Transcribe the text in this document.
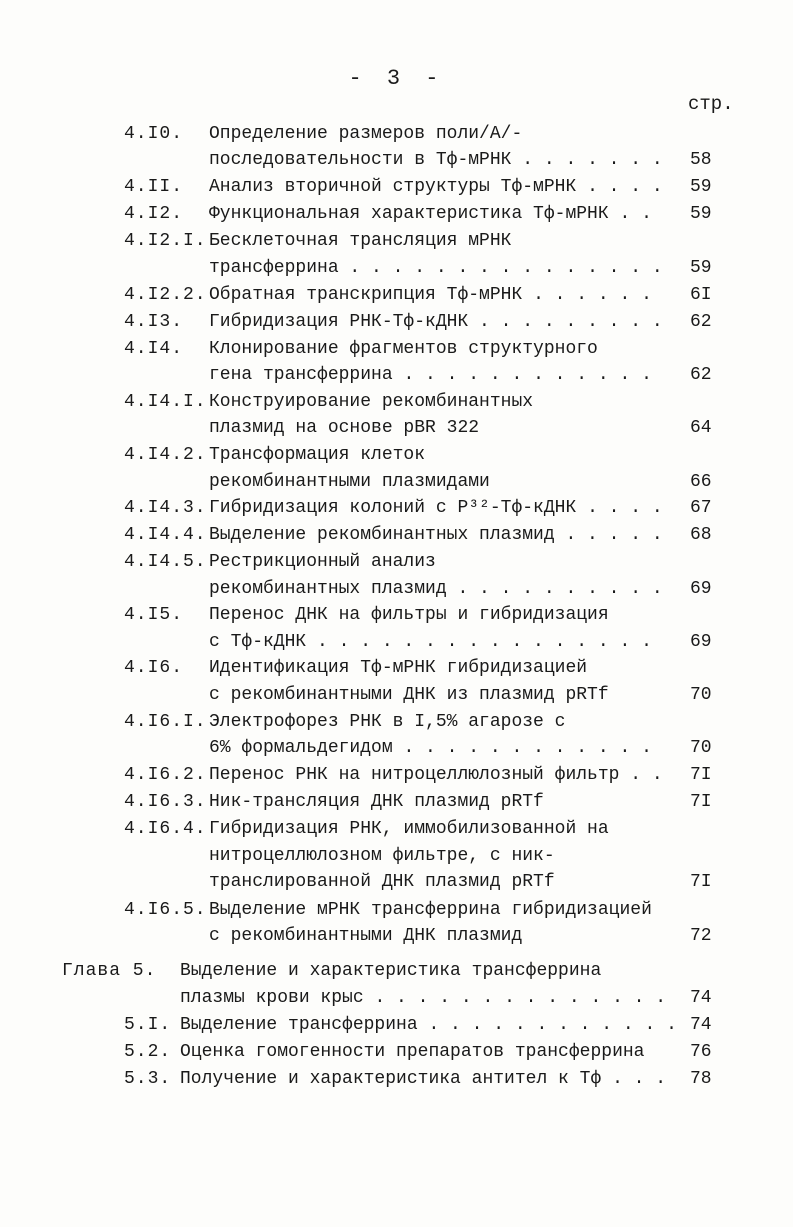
- 3 -
стр.
4.I0. Определение размеров поли/А/-
последовательности в Тф-мРНК . . .	58
4.II. Анализ вторичной структуры Тф-мРНК . . .	59
4.I2. Функциональная характеристика Тф-мРНК . . .	59
4.I2.I. Бесклеточная трансляция мРНК
трансферрина . . .	59
4.I2.2. Обратная транскрипция Тф-мРНК . . .	6I
4.I3. Гибридизация РНК-Тф-кДНК . . .	62
4.I4. Клонирование фрагментов структурного
гена трансферрина . . .	62
4.I4.I. Конструирование рекомбинантных
плазмид на основе pBR 322	64
4.I4.2. Трансформация клеток
рекомбинантными плазмидами	66
4.I4.3. Гибридизация колоний с P³²-Тф-кДНК . . .	67
4.I4.4. Выделение рекомбинантных плазмид . . .	68
4.I4.5. Рестрикционный анализ
рекомбинантных плазмид . . .	69
4.I5. Перенос ДНК на фильтры и гибридизация
с Тф-кДНК . . .	69
4.I6. Идентификация Тф-мРНК гибридизацией
с рекомбинантными ДНК из плазмид pRTf	70
4.I6.I. Электрофорез РНК в I,5% агарозе с
6% формальдегидом . . .	70
4.I6.2. Перенос РНК на нитроцеллюлозный фильтр . . .	7I
4.I6.3. Ник-трансляция ДНК плазмид pRTf	7I
4.I6.4. Гибридизация РНК, иммобилизованной на
нитроцеллюлозном фильтре, с ник-
транслированной ДНК плазмид pRTf	7I
4.I6.5. Выделение мРНК трансферрина гибридизацией
с рекомбинантными ДНК плазмид	72
Глава 5. Выделение и характеристика трансферрина
плазмы крови крыс . . .	74
5.I. Выделение трансферрина . . .	74
5.2. Оценка гомогенности препаратов трансферрина	76
5.3. Получение и характеристика антител к Тф . . .	78
